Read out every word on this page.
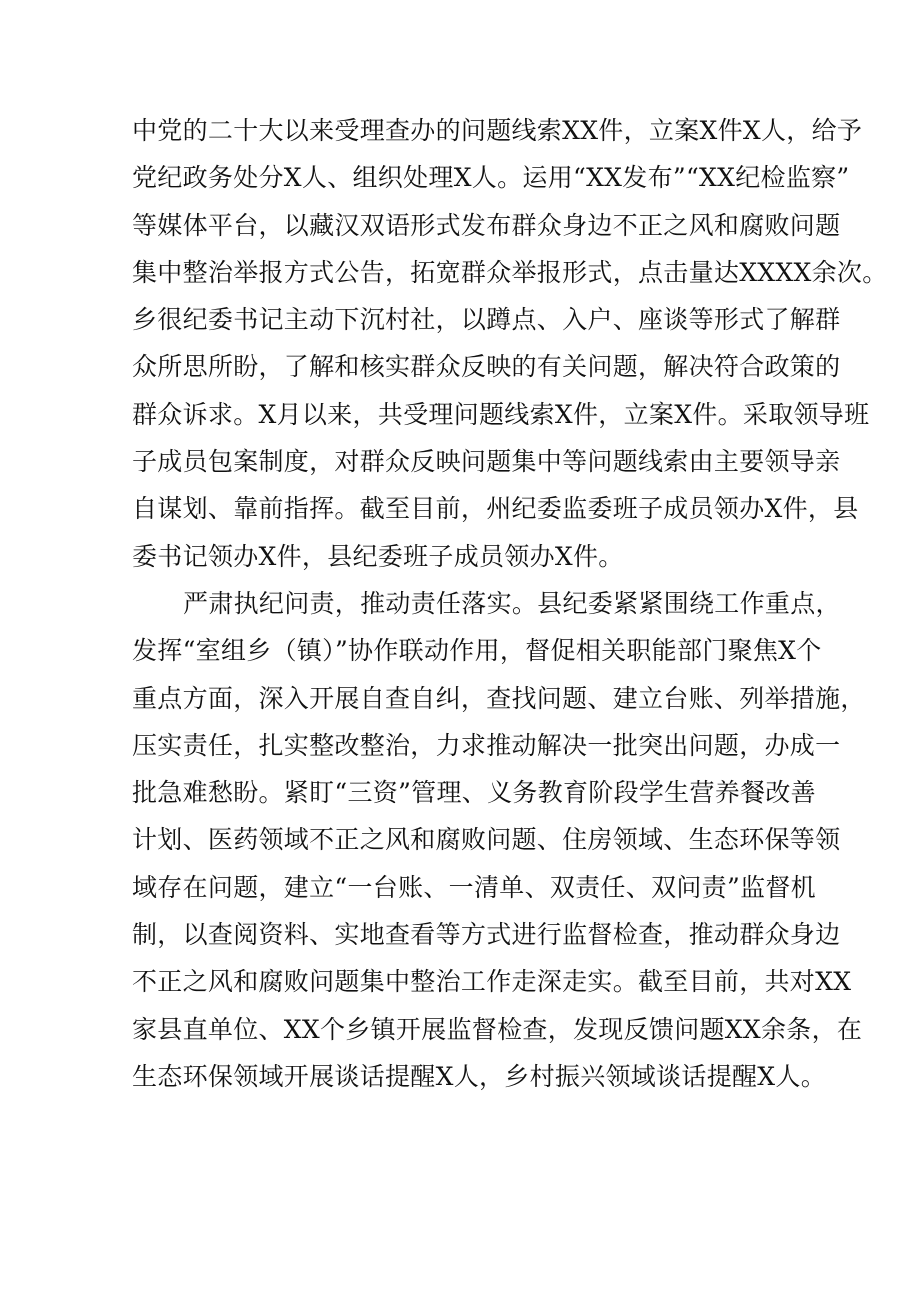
中党的二十大以来受理查办的问题线索XX件，立案X件X人，给予
党纪政务处分X人、组织处理X人。运用“XX发布”“XX纪检监察”
等媒体平台，以藏汉双语形式发布群众身边不正之风和腐败问题
集中整治举报方式公告，拓宽群众举报形式，点击量达XXXX余次。
乡很纪委书记主动下沉村社，以蹲点、入户、座谈等形式了解群
众所思所盼，了解和核实群众反映的有关问题，解决符合政策的
群众诉求。X月以来，共受理问题线索X件，立案X件。采取领导班
子成员包案制度，对群众反映问题集中等问题线索由主要领导亲
自谋划、靠前指挥。截至目前，州纪委监委班子成员领办X件，县
委书记领办X件，县纪委班子成员领办X件。
严肃执纪问责，推动责任落实。县纪委紧紧围绕工作重点，
发挥“室组乡（镇）”协作联动作用，督促相关职能部门聚焦X个
重点方面，深入开展自查自纠，查找问题、建立台账、列举措施，
压实责任，扎实整改整治，力求推动解决一批突出问题，办成一
批急难愁盼。紧盯“三资”管理、义务教育阶段学生营养餐改善
计划、医药领域不正之风和腐败问题、住房领域、生态环保等领
域存在问题，建立“一台账、一清单、双责任、双问责”监督机
制，以查阅资料、实地查看等方式进行监督检查，推动群众身边
不正之风和腐败问题集中整治工作走深走实。截至目前，共对XX
家县直单位、XX个乡镇开展监督检查，发现反馈问题XX余条，在
生态环保领域开展谈话提醒X人，乡村振兴领域谈话提醒X人。
